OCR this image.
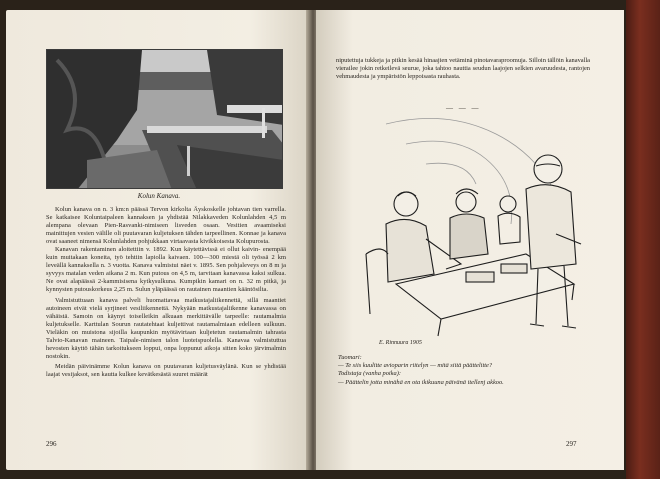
Kolun Kanava.

Kolun kanava on n. 3 km:n päässä Tervon kirkolta Äyskoskelle johtavan tien varrella. Se katkaisee Koluntaipaleen kannaksen ja yhdistää Nilakkaveden Kolunlahden 4,5 m alempana olevaan Pien-Rasvanki-nimiseen lisveden osaan. Vesitien avaamiseksi mainittujen vesien välille oli puutavaran kuljetuksen tähden tarpeellinen. Konnae ja kanava ovat saaneet nimensä Kolunlahden pohjukkaan virtaavasta kivikkoisesta Kolupurosta.

Kanavan rakentaminen aloitettiin v. 1892. Kun käytettävissä ei ollut kaivin- enempää kuin muitakaan koneita, työ tehtiin lapiolla kaivaen. 100—300 miestä oli työssä 2 km leveällä kannaksella n. 3 vuotta. Kanava valmistui näet v. 1895. Sen pohjaleveys on 8 m ja syvyys matalan veden aikana 2 m. Kun putous on 4,5 m, tarvitaan kanavassa kaksi sulkua. Ne ovat alapäässä 2-kammisisena kytkysulkuna. Kumpikin kamari on n. 32 m pitkä, ja kynnysten putouskorkeus 2,25 m. Sulun yläpäässä on rautainen maantien kääntösilta.

Valmistuttuaan kanava palveli huomattavaa matkustajaliikennettä, sillä maantiet autoineen eivät vielä syrjineet vesiliikennettä. Nykyään matkustajaliikenne kanavassa on vähäistä. Samoin on käynyt toiselleikin alkuaan merkittävälle tarpeelle: rautamalmia kuljetukselle. Karttulan Sourun rautatehtaat kuljettivat rautamalmiaan edelleen sulkuun. Vieläkin on muistona sijoilla kaupunkin myötävirtaan kuljetetun rautamalmin tahrasta Talvio-Kanavan maineen. Taipale-nimisen talon luoteispuolella. Kanavaa valmistuttua hevosten käyttö tähän tarkoitukseen loppui, onpa loppunut aikoja sitten koko järvimalmin nostokin.

Meidän päivinämme Kolun kanava on puutavaran kuljetusväylänä. Kun se yhdistää laajat vesijaksot, sen kautta kulkee kevätkesästä suuret määrät

296
niputettuja tukkeja ja pitkin kesää hinaajien vetäminä pinotavaraproomuja. Silloin tällöin kanavalla vierailee jokin retkeilevä seurue, joka tahtoo nauttia seudun laajojen selkien avaruudesta, rantojen vehmaudesta ja ympäristön leppoisasta rauhasta.
— — —
E. Rinnuura 1905
Tuomari:
— Te siis kuulitte avioparin riitelyn — mitä siitä päättelitte?
Todistaja (vanha poika):
— Päättelin jotta minähä en ota ikikuuna päivänä itellenj akkoo.
297
